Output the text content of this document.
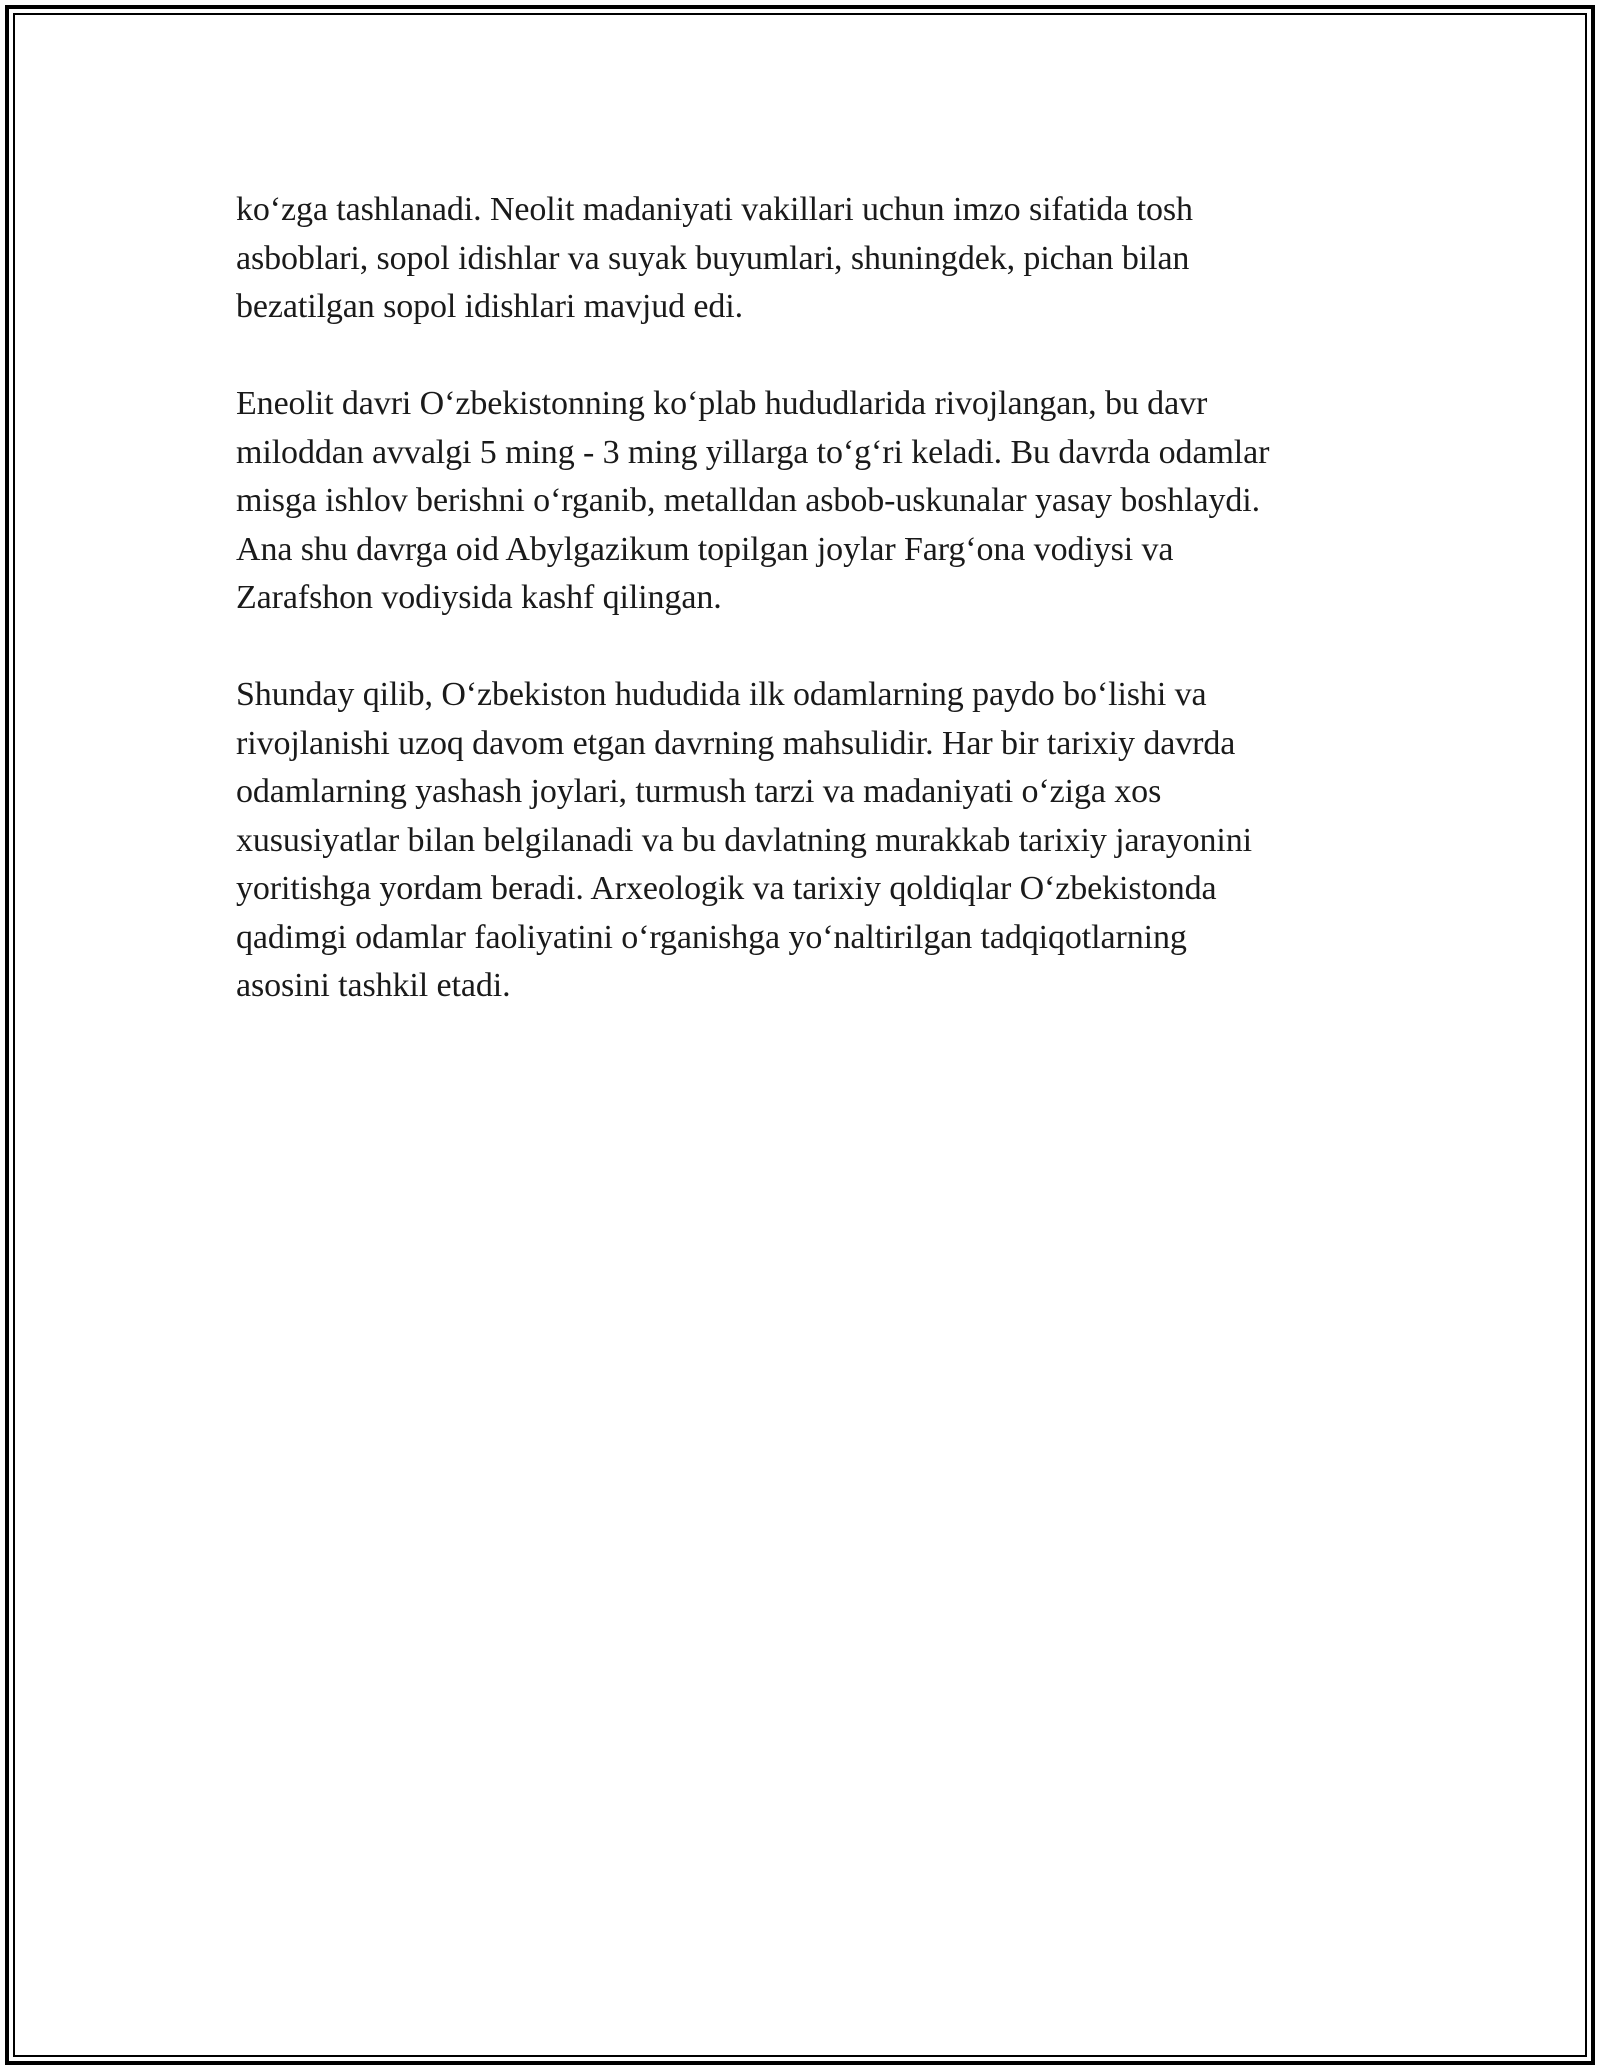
ko‘zga tashlanadi. Neolit madaniyati vakillari uchun imzo sifatida tosh
asboblari, sopol idishlar va suyak buyumlari, shuningdek, pichan bilan
bezatilgan sopol idishlari mavjud edi.

Eneolit davri O‘zbekistonning ko‘plab hududlarida rivojlangan, bu davr
miloddan avvalgi 5 ming - 3 ming yillarga to‘g‘ri keladi. Bu davrda odamlar
misga ishlov berishni o‘rganib, metalldan asbob-uskunalar yasay boshlaydi.
Ana shu davrga oid Abylgazikum topilgan joylar Farg‘ona vodiysi va
Zarafshon vodiysida kashf qilingan.

Shunday qilib, O‘zbekiston hududida ilk odamlarning paydo bo‘lishi va
rivojlanishi uzoq davom etgan davrning mahsulidir. Har bir tarixiy davrda
odamlarning yashash joylari, turmush tarzi va madaniyati o‘ziga xos
xususiyatlar bilan belgilanadi va bu davlatning murakkab tarixiy jarayonini
yoritishga yordam beradi. Arxeologik va tarixiy qoldiqlar O‘zbekistonda
qadimgi odamlar faoliyatini o‘rganishga yo‘naltirilgan tadqiqotlarning
asosini tashkil etadi.
